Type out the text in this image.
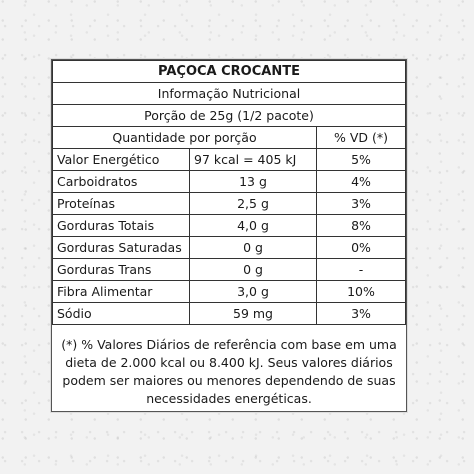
PAÇOCA CROCANTE		
Informação Nutricional		
Porção de 25g (1/2 pacote)		
Quantidade por porção		% VD (*)
Valor Energético	97 kcal = 405 kJ	5%
Carboidratos	13 g	4%
Proteínas	2,5 g	3%
Gorduras Totais	4,0 g	8%
Gorduras Saturadas	0 g	0%
Gorduras Trans	0 g	-
Fibra Alimentar	3,0 g	10%
Sódio	59 mg	3%
(*) % Valores Diários de referência com base em uma dieta de 2.000 kcal ou 8.400 kJ. Seus valores diários podem ser maiores ou menores dependendo de suas necessidades energéticas.
